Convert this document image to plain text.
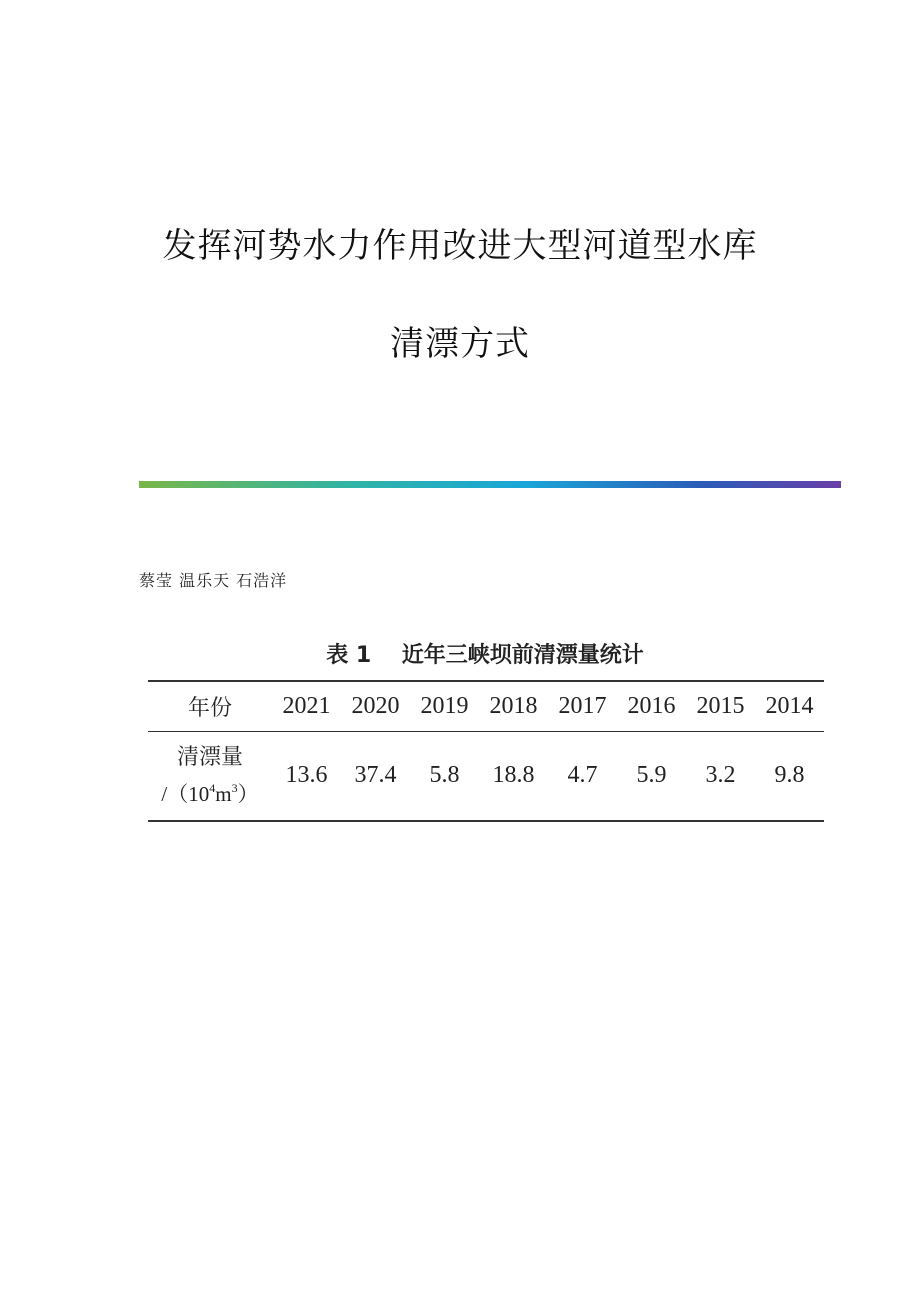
发挥河势水力作用改进大型河道型水库
清漂方式
蔡莹 温乐天 石浩洋
表 1    近年三峡坝前清漂量统计
年份	2021	2020	2019	2018	2017	2016	2015	2014

清漂量
$/(10^4m^3)$	13.6	37.4	5.8	18.8	4.7	5.9	3.2	9.8
